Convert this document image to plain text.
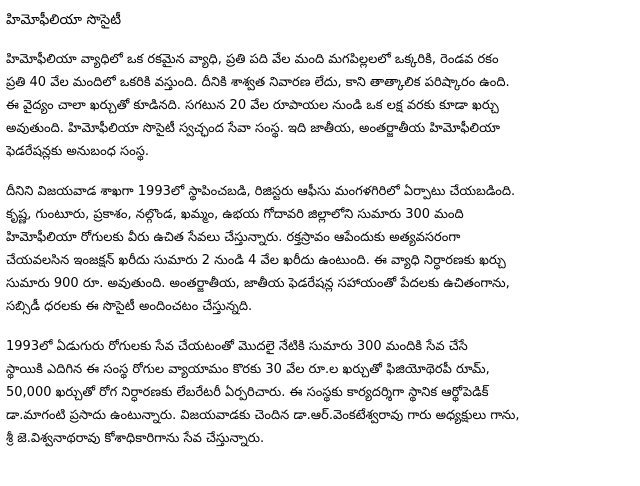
హిమోఫీలియా సొసైటీ
హిమోఫీలియా వ్యాధిలో ఒక రకమైన వ్యాధి, ప్రతి పది వేల మంది మగపిల్లలలో ఒక్కరికి, రెండవ రకం
ప్రతి 40 వేల మందిలో ఒకరికి వస్తుంది. దీనికి శాశ్వత నివారణ లేదు, కాని తాత్కాలిక పరిష్కారం ఉంది.
ఈ వైద్యం చాలా ఖర్చుతో కూడినది. సగటున 20 వేల రూపాయల నుండి ఒక లక్ష వరకు కూడా ఖర్చు
అవుతుంది. హిమోఫీలియా సొసైటీ స్వచ్ఛంద సేవా సంస్థ. ఇది జాతీయ, అంతర్జాతీయ హిమోఫీలియా
ఫెడరేషన్లకు అనుబంధ సంస్థ.
దీనిని విజయవాడ శాఖగా 1993లో స్థాపించబడి, రిజిస్టరు ఆఫీసు మంగళగిరిలో ఏర్పాటు చేయబడింది.
కృష్ణ, గుంటూరు, ప్రకాశం, నల్గొండ, ఖమ్మం, ఉభయ గోదావరి జిల్లాలోని సుమారు 300 మంది
హిమోఫీలియా రోగులకు వీరు ఉచిత సేవలు చేస్తున్నారు. రక్తస్రావం ఆపేందుకు అత్యవసరంగా
చేయవలసిన ఇంజక్షన్ ఖరీదు సుమారు 2 నుండి 4 వేల ఖరీదు ఉంటుంది. ఈ వ్యాధి నిర్ధారణకు ఖర్చు
సుమారు 900 రూ. అవుతుంది. అంతర్జాతీయ, జాతీయ ఫెడరేషన్ల సహాయంతో పేదలకు ఉచితంగాను,
సబ్సిడీ ధరలకు ఈ సొసైటీ అందించటం చేస్తున్నది.
1993లో ఏడుగురు రోగులకు సేవ చేయటంతో మొదలై నేటికి సుమారు 300 మందికి సేవ చేసే
స్థాయికి ఎదిగిన ఈ సంస్థ రోగుల వ్యాయామం కొరకు 30 వేల రూ.ల ఖర్చుతో ఫిజియోథెరపీ రూమ్,
50,000 ఖర్చుతో రోగ నిర్ధారణకు లేబరేటరీ ఏర్పరిచారు. ఈ సంస్థకు కార్యదర్శిగా స్థానిక ఆర్థోపెడిక్
డా.మాగంటి ప్రసాదు ఉంటున్నారు. విజయవాడకు చెందిన డా.ఆర్.వెంకటేశ్వరావు గారు అధ్యక్షులు గాను,
శ్రీ జె.విశ్వనాథరావు కోశాధికారిగాను సేవ చేస్తున్నారు.
